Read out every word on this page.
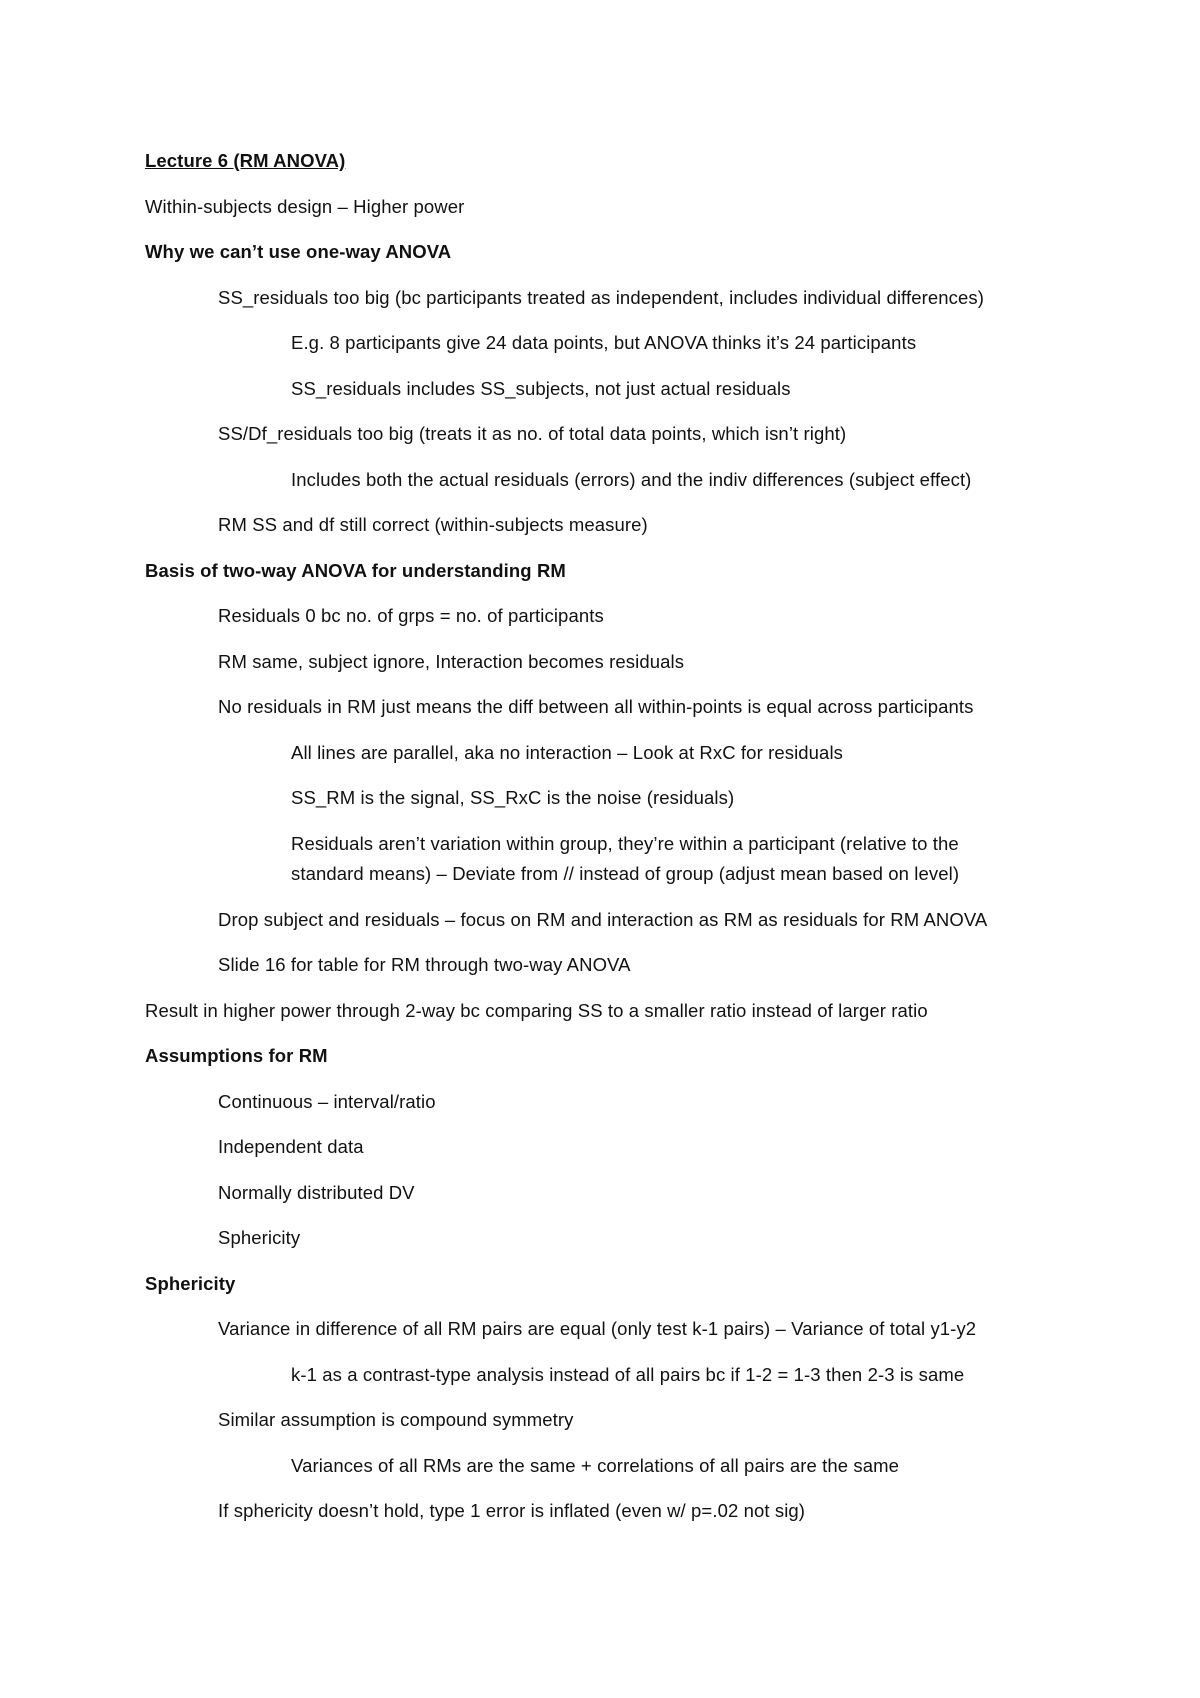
Lecture 6 (RM ANOVA)
Within-subjects design – Higher power
Why we can’t use one-way ANOVA
SS_residuals too big (bc participants treated as independent, includes individual differences)
E.g. 8 participants give 24 data points, but ANOVA thinks it’s 24 participants
SS_residuals includes SS_subjects, not just actual residuals
SS/Df_residuals too big (treats it as no. of total data points, which isn’t right)
Includes both the actual residuals (errors) and the indiv differences (subject effect)
RM SS and df still correct (within-subjects measure)
Basis of two-way ANOVA for understanding RM
Residuals 0 bc no. of grps = no. of participants
RM same, subject ignore, Interaction becomes residuals
No residuals in RM just means the diff between all within-points is equal across participants
All lines are parallel, aka no interaction – Look at RxC for residuals
SS_RM is the signal, SS_RxC is the noise (residuals)
Residuals aren’t variation within group, they’re within a participant (relative to the
standard means) – Deviate from // instead of group (adjust mean based on level)
Drop subject and residuals – focus on RM and interaction as RM as residuals for RM ANOVA
Slide 16 for table for RM through two-way ANOVA
Result in higher power through 2-way bc comparing SS to a smaller ratio instead of larger ratio
Assumptions for RM
Continuous – interval/ratio
Independent data
Normally distributed DV
Sphericity
Sphericity
Variance in difference of all RM pairs are equal (only test k-1 pairs) – Variance of total y1-y2
k-1 as a contrast-type analysis instead of all pairs bc if 1-2 = 1-3 then 2-3 is same
Similar assumption is compound symmetry
Variances of all RMs are the same + correlations of all pairs are the same
If sphericity doesn’t hold, type 1 error is inflated (even w/ p=.02 not sig)
